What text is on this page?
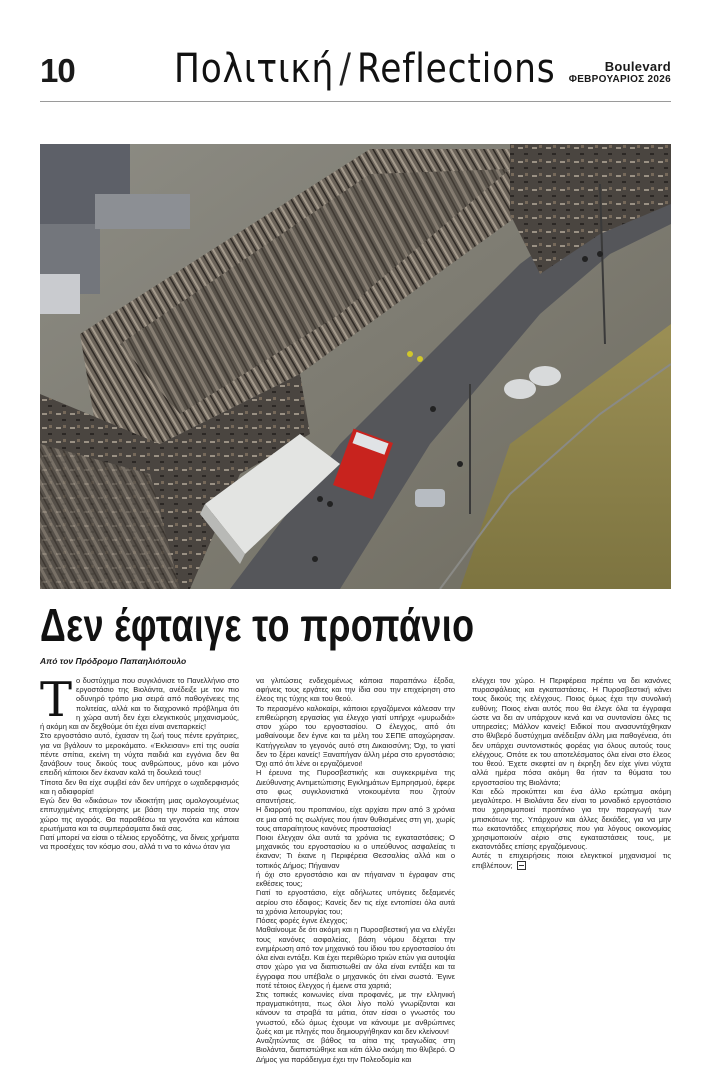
10 Πολιτική / Reflections	Boulevard
ΦΕΒΡΟΥΑΡΙΟΣ 2026
Δεν έφταιγε το προπάνιο
Από τον Πρόδρομο Παπαηλιόπουλο

Το δυστύχημα που συγκλόνισε το Πανελλήνιο στο εργοστάσιο της Βιολάντα, ανέδειξε με τον πιο οδυνηρό τρόπο μια σειρά από παθογένειες της πολιτείας, αλλά και το διαχρονικό πρόβλημα ότι η χώρα αυτή δεν έχει ελεγκτικούς μηχανισμούς, ή ακόμη και αν δεχθούμε ότι έχει είναι ανεπαρκείς!

Στο εργοστάσιο αυτό, έχασαν τη ζωή τους πέντε εργάτριες, για να βγάλουν το μεροκάματο. «Έκλεισαν» επί της ουσία πέντε σπίτια, εκείνη τη νύχτα παιδιά και εγγόνια δεν θα ξανάβουν τους δικούς τους ανθρώπους, μόνο και μόνο επειδή κάποιοι δεν έκαναν καλά τη δουλειά τους!

Τίποτα δεν θα είχε συμβεί εάν δεν υπήρχε ο ωχαδερφισμός και η αδιαφορία!

Εγώ δεν θα «δικάσω» τον ιδιοκτήτη μιας ομολογουμένως επιτυχημένης επιχείρησης με βάση την πορεία της στον χώρο της αγοράς. Θα παραθέσω τα γεγονότα και κάποια ερωτήματα και τα συμπεράσματα δικά σας.

Γιατί μπορεί να είσαι ο τέλειος εργοδότης, να δίνεις χρήματα να προσέχεις τον κόσμο σου, αλλά τι να το κάνω όταν για

να γλιτώσεις ενδεχομένως κάποια παραπάνω έξοδα, αφήνεις τους εργάτες και την ίδια σου την επιχείρηση στο έλεος της τύχης και του θεού.

Το περασμένο καλοκαίρι, κάποιοι εργαζόμενοι κάλεσαν την επιθεώρηση εργασίας για έλεγχο γιατί υπήρχε «μυρωδιά» στον χώρο του εργοστασίου. Ο έλεγχος, από ότι μαθαίνουμε δεν έγινε και τα μέλη του ΣΕΠΕ αποχώρησαν. Κατήγγειλαν το γεγονός αυτό στη Δικαιοσύνη; Όχι, το γιατί δεν το ξέρει κανείς! Ξαναπήγαν άλλη μέρα στο εργοστάσιο; Όχι από ότι λένε οι εργαζόμενοι!

Η έρευνα της Πυροσβεστικής και συγκεκριμένα της Διεύθυνσης Αντιμετώπισης Εγκλημάτων Εμπρησμού, έφερε στο φως συγκλονιστικά ντοκουμέντα που ζητούν απαντήσεις.

Η διαρροή του προπανίου, είχε αρχίσει πριν από 3 χρόνια σε μια από τις σωλήνες που ήταν θυθισμένες στη γη, χωρίς τους απαραίτητους κανόνες προστασίας!

Ποιοι έλεγχαν όλα αυτά τα χρόνια τις εγκαταστάσεις; Ο μηχανικός του εργοστασίου κι ο υπεύθυνος ασφαλείας τι έκαναν; Τι έκανε η Περιφέρεια Θεσσαλίας αλλά και ο τοπικός Δήμος; Πήγαιναν

ή όχι στο εργοστάσιο και αν πήγαιναν τι έγραφαν στις εκθέσεις τους;

Γιατί το εργοστάσιο, είχε αδήλωτες υπόγειες δεξαμενές αερίου στο έδαφος; Κανείς δεν τις είχε εντοπίσει όλα αυτά τα χρόνια λειτουργίας του;

Πόσες φορές έγινε έλεγχος;

Μαθαίνουμε δε ότι ακόμη και η Πυροσβεστική για να ελέγξει τους κανόνες ασφαλείας, βάση νόμου δέχεται την ενημέρωση από τον μηχανικό του ίδιου του εργοστασίου ότι όλα είναι εντάξει. Και έχει περιθώριο τριών ετών για αυτοψία στον χώρο για να διαπιστωθεί αν όλα είναι εντάξει και τα έγγραφα που υπέβαλε ο μηχανικός ότι είναι σωστά. Έγινε ποτέ τέτοιος έλεγχος ή έμεινε στα χαρτιά;

Στις τοπικές κοινωνίες είναι προφανές, με την ελληνική πραγματικότητα, πως όλοι λίγο πολύ γνωρίζονται και κάνουν τα στραβά τα μάτια, όταν είσαι ο γνωστός του γνωστού, εδώ όμως έχουμε να κάνουμε με ανθρώπινες ζωές και με πληγές που δημιουργήθηκαν και δεν κλείνουν!

Αναζητώντας σε βάθος τα αίτια της τραγωδίας στη Βιολάντα, διαπιστώθηκε και κάτι άλλο ακόμη πιο θλιβερό. Ο Δήμος για παράδειγμα έχει την Πολεοδομία και

ελέγχει τον χώρο. Η Περιφέρεια πρέπει να δει κανόνες πυρασφάλειας και εγκαταστάσεις. Η Πυροσβεστική κάνει τους δικούς της ελέγχους. Ποιος όμως έχει την συνολική ευθύνη; Ποιος είναι αυτός που θα έλεγε όλα τα έγγραφα ώστε να δει αν υπάρχουν κενά και να συντονίσει όλες τις υπηρεσίες; Μάλλον κανείς! Ειδικοί που ανασυντάχθηκαν στο θλιβερό δυστύχημα ανέδειξαν άλλη μια παθογένεια, ότι δεν υπάρχει συντονιστικός φορέας για όλους αυτούς τους ελέγχους. Οπότε εκ του αποτελέσματος όλα είναι στο έλεος του θεού. Έχετε σκεφτεί αν η έκρηξη δεν είχε γίνει νύχτα αλλά ημέρα πόσα ακόμη θα ήταν τα θύματα του εργοστασίου της Βιολάντα;

Και εδώ προκύπτει και ένα άλλο ερώτημα ακόμη μεγαλύτερο. Η Βιολάντα δεν είναι το μοναδικό εργοστάσιο που χρησιμοποιεί προπάνιο για την παραγωγή των μπισκότων της. Υπάρχουν και άλλες δεκάδες, για να μην πω εκατοντάδες επιχειρήσεις που για λόγους οικονομίας χρησιμοποιούν αέριο στις εγκαταστάσεις τους, με εκατοντάδες επίσης εργαζόμενους.

Αυτές τι επιχειρήσεις ποιοι ελεγκτικοί μηχανισμοί τις επιβλέπουν;
